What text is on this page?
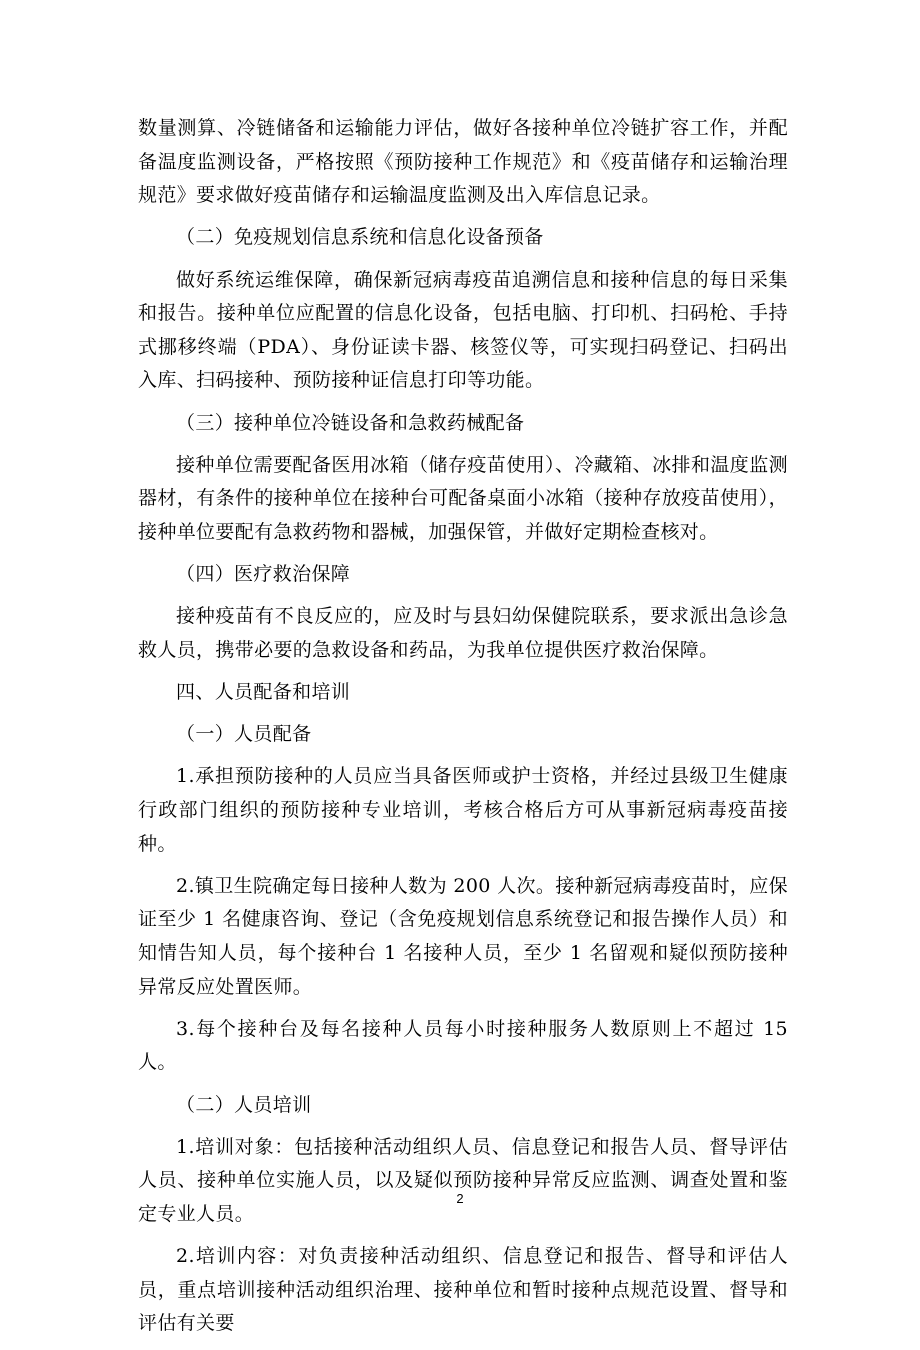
数量测算、冷链储备和运输能力评估，做好各接种单位冷链扩容工作，并配备温度监测设备，严格按照《预防接种工作规范》和《疫苗储存和运输治理规范》要求做好疫苗储存和运输温度监测及出入库信息记录。

（二）免疫规划信息系统和信息化设备预备

做好系统运维保障，确保新冠病毒疫苗追溯信息和接种信息的每日采集和报告。接种单位应配置的信息化设备，包括电脑、打印机、扫码枪、手持式挪移终端（PDA）、身份证读卡器、核签仪等，可实现扫码登记、扫码出入库、扫码接种、预防接种证信息打印等功能。

（三）接种单位冷链设备和急救药械配备

接种单位需要配备医用冰箱（储存疫苗使用）、冷藏箱、冰排和温度监测器材，有条件的接种单位在接种台可配备桌面小冰箱（接种存放疫苗使用），接种单位要配有急救药物和器械，加强保管，并做好定期检查核对。

（四）医疗救治保障

接种疫苗有不良反应的，应及时与县妇幼保健院联系，要求派出急诊急救人员，携带必要的急救设备和药品，为我单位提供医疗救治保障。

四、人员配备和培训

（一）人员配备

1.承担预防接种的人员应当具备医师或护士资格，并经过县级卫生健康行政部门组织的预防接种专业培训，考核合格后方可从事新冠病毒疫苗接种。

2.镇卫生院确定每日接种人数为 200 人次。接种新冠病毒疫苗时，应保证至少 1 名健康咨询、登记（含免疫规划信息系统登记和报告操作人员）和知情告知人员，每个接种台 1 名接种人员，至少 1 名留观和疑似预防接种异常反应处置医师。

3.每个接种台及每名接种人员每小时接种服务人数原则上不超过 15 人。

（二）人员培训

1.培训对象：包括接种活动组织人员、信息登记和报告人员、督导评估人员、接种单位实施人员，以及疑似预防接种异常反应监测、调查处置和鉴定专业人员。

2.培训内容：对负责接种活动组织、信息登记和报告、督导和评估人员，重点培训接种活动组织治理、接种单位和暂时接种点规范设置、督导和评估有关要

2
